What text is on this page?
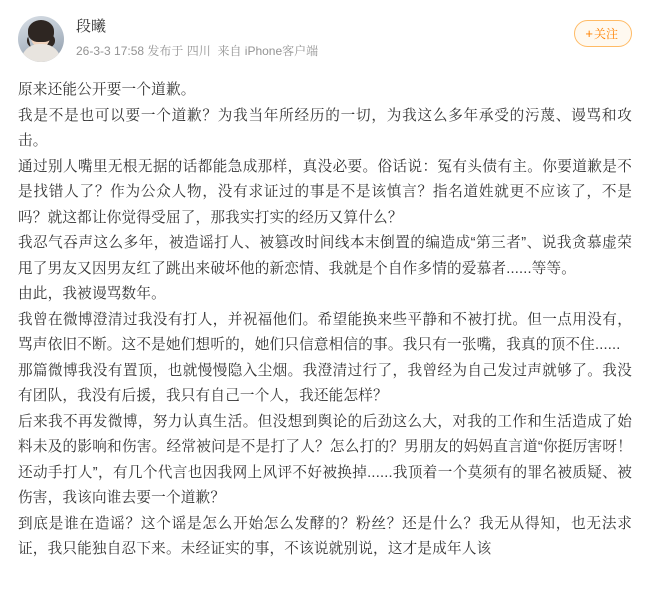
段曦
26-3-3 17:58
发布于
四川
来自 iPhone客户端
+ 关注

原来还能公开要一个道歉。

我是不是也可以要一个道歉？为我当年所经历的一切，为我这么多年承受的污蔑、谩骂和攻击。

通过别人嘴里无根无据的话都能急成那样，真没必要。俗话说：冤有头债有主。你要道歉是不是找错人了？作为公众人物，没有求证过的事是不是该慎言？指名道姓就更不应该了，不是吗？就这都让你觉得受屈了，那我实打实的经历又算什么？

我忍气吞声这么多年，被造谣打人、被篡改时间线本末倒置的编造成“第三者”、说我贪慕虚荣甩了男友又因男友红了跳出来破坏他的新恋情、我就是个自作多情的爱慕者......等等。

由此，我被谩骂数年。

我曾在微博澄清过我没有打人，并祝福他们。希望能换来些平静和不被打扰。但一点用没有，骂声依旧不断。这不是她们想听的，她们只信意相信的事。我只有一张嘴，我真的顶不住......

那篇微博我没有置顶，也就慢慢隐入尘烟。我澄清过行了，我曾经为自己发过声就够了。我没有团队，我没有后援，我只有自己一个人，我还能怎样？

后来我不再发微博，努力认真生活。但没想到舆论的后劲这么大，对我的工作和生活造成了始料未及的影响和伤害。经常被问是不是打了人？怎么打的？男朋友的妈妈直言道“你挺厉害呀！还动手打人”，有几个代言也因我网上风评不好被换掉......我顶着一个莫须有的罪名被质疑、被伤害，我该向谁去要一个道歉？

到底是谁在造谣？这个谣是怎么开始怎么发酵的？粉丝？还是什么？我无从得知，也无法求证，我只能独自忍下来。未经证实的事，不该说就别说，这才是成年人该
